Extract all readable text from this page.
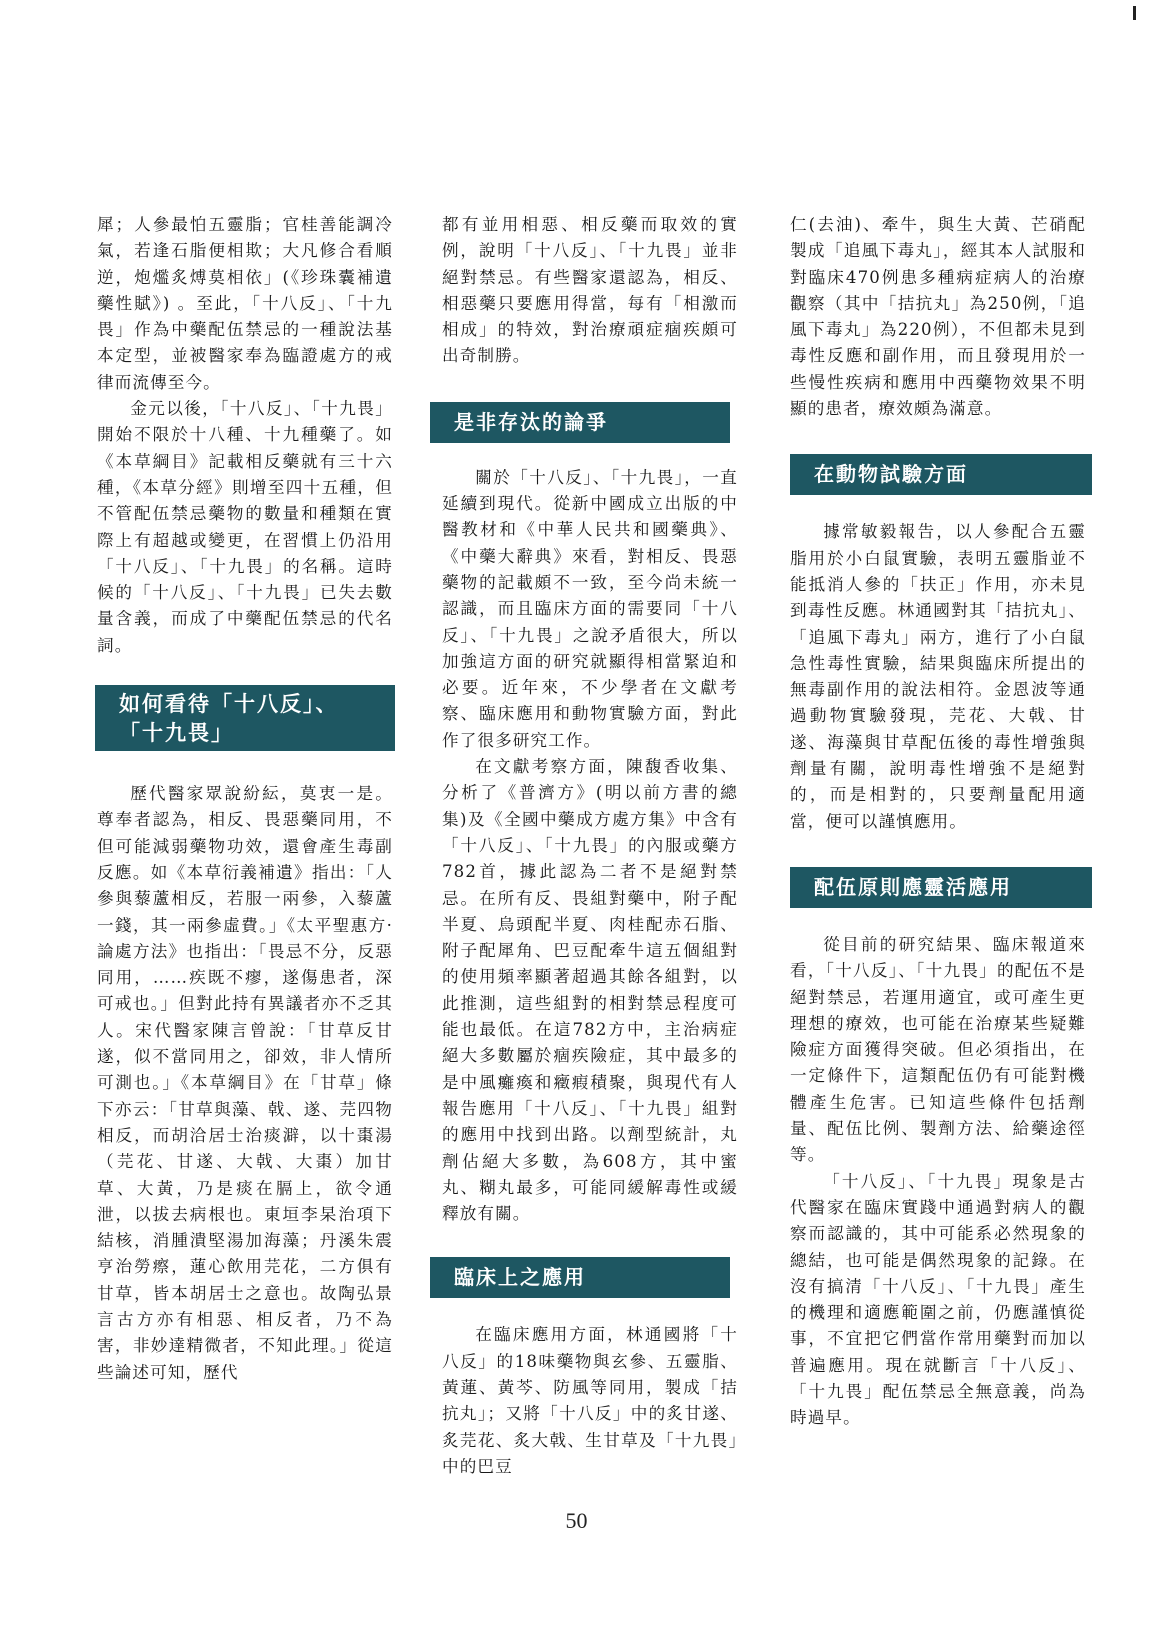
犀；人參最怕五靈脂；官桂善能調冷氣，若逢石脂便相欺；大凡修合看順逆，炮爁炙煿莫相依」(《珍珠囊補遺藥性賦》) 。至此，「十八反」、「十九畏」作為中藥配伍禁忌的一種說法基本定型，並被醫家奉為臨證處方的戒律而流傳至今。

金元以後，「十八反」、「十九畏」開始不限於十八種、十九種藥了。如《本草綱目》記載相反藥就有三十六種，《本草分經》則增至四十五種，但不管配伍禁忌藥物的數量和種類在實際上有超越或變更，在習慣上仍沿用「十八反」、「十九畏」的名稱。這時候的「十八反」、「十九畏」已失去數量含義，而成了中藥配伍禁忌的代名詞。

如何看待「十八反」、
「十九畏」

歷代醫家眾說紛紜，莫衷一是。尊奉者認為，相反、畏惡藥同用，不但可能減弱藥物功效，還會產生毒副反應。如《本草衍義補遺》指出：「人參與藜蘆相反，若服一兩參，入藜蘆一錢，其一兩參虛費。」《太平聖惠方·論處方法》也指出：「畏忌不分，反惡同用，……疾既不瘳，遂傷患者，深可戒也。」但對此持有異議者亦不乏其人。宋代醫家陳言曾說：「甘草反甘遂，似不當同用之，卻效，非人情所可測也。」《本草綱目》在「甘草」條下亦云：「甘草與藻、戟、遂、芫四物相反，而胡洽居士治痰澼，以十棗湯（芫花、甘遂、大戟、大棗）加甘草、大黃，乃是痰在膈上，欲令通泄，以拔去病根也。東垣李杲治項下結核，消腫潰堅湯加海藻；丹溪朱震亨治勞瘵，蓮心飲用芫花，二方俱有甘草，皆本胡居士之意也。故陶弘景言古方亦有相惡、相反者，乃不為害，非妙達精微者，不知此理。」從這些論述可知，歷代

都有並用相惡、相反藥而取效的實例，說明「十八反」、「十九畏」並非絕對禁忌。有些醫家還認為，相反、相惡藥只要應用得當，每有「相激而相成」的特效，對治療頑症痼疾頗可出奇制勝。

是非存汰的論爭

關於「十八反」、「十九畏」，一直延續到現代。從新中國成立出版的中醫教材和《中華人民共和國藥典》、《中藥大辭典》來看，對相反、畏惡藥物的記載頗不一致，至今尚未統一認識，而且臨床方面的需要同「十八反」、「十九畏」之說矛盾很大，所以加強這方面的研究就顯得相當緊迫和必要。近年來，不少學者在文獻考察、臨床應用和動物實驗方面，對此作了很多研究工作。

在文獻考察方面，陳馥香收集、分析了《普濟方》(明以前方書的總集)及《全國中藥成方處方集》中含有「十八反」、「十九畏」的內服或藥方782首，據此認為二者不是絕對禁忌。在所有反、畏組對藥中，附子配半夏、烏頭配半夏、肉桂配赤石脂、附子配犀角、巴豆配牽牛這五個組對的使用頻率顯著超過其餘各組對，以此推測，這些組對的相對禁忌程度可能也最低。在這782方中，主治病症絕大多數屬於痼疾險症，其中最多的是中風癱瘓和癥瘕積聚，與現代有人報告應用「十八反」、「十九畏」組對的應用中找到出路。以劑型統計，丸劑佔絕大多數，為608方，其中蜜丸、糊丸最多，可能同緩解毒性或緩釋放有關。

臨床上之應用

在臨床應用方面，林通國將「十八反」的18味藥物與玄參、五靈脂、黃蓮、黃芩、防風等同用，製成「拮抗丸」；又將「十八反」中的炙甘遂、炙芫花、炙大戟、生甘草及「十九畏」中的巴豆

仁(去油)、牽牛，與生大黃、芒硝配製成「追風下毒丸」，經其本人試服和對臨床470例患多種病症病人的治療觀察（其中「拮抗丸」為250例，「追風下毒丸」為220例），不但都未見到毒性反應和副作用，而且發現用於一些慢性疾病和應用中西藥物效果不明顯的患者，療效頗為滿意。

在動物試驗方面

據常敏毅報告，以人參配合五靈脂用於小白鼠實驗，表明五靈脂並不能抵消人參的「扶正」作用，亦未見到毒性反應。林通國對其「拮抗丸」、「追風下毒丸」兩方，進行了小白鼠急性毒性實驗，結果與臨床所提出的無毒副作用的說法相符。金恩波等通過動物實驗發現，芫花、大戟、甘遂、海藻與甘草配伍後的毒性增強與劑量有關，說明毒性增強不是絕對的，而是相對的，只要劑量配用適當，便可以謹慎應用。

配伍原則應靈活應用

從目前的研究結果、臨床報道來看，「十八反」、「十九畏」的配伍不是絕對禁忌，若運用適宜，或可產生更理想的療效，也可能在治療某些疑難險症方面獲得突破。但必須指出，在一定條件下，這類配伍仍有可能對機體產生危害。已知這些條件包括劑量、配伍比例、製劑方法、給藥途徑等。

「十八反」、「十九畏」現象是古代醫家在臨床實踐中通過對病人的觀察而認識的，其中可能系必然現象的總結，也可能是偶然現象的記錄。在沒有搞清「十八反」、「十九畏」產生的機理和適應範圍之前，仍應謹慎從事，不宜把它們當作常用藥對而加以普遍應用。現在就斷言「十八反」、「十九畏」配伍禁忌全無意義，尚為時過早。

50
